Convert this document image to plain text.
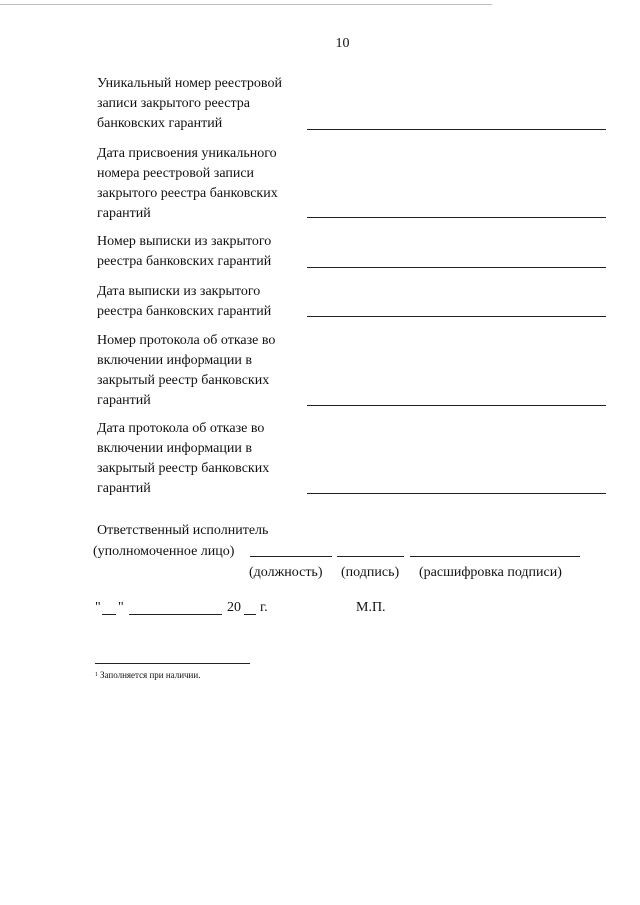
10
Уникальный номер реестровой
записи закрытого реестра
банковских гарантий
Дата присвоения уникального
номера реестровой записи
закрытого реестра банковских
гарантий
Номер выписки из закрытого
реестра банковских гарантий
Дата выписки из закрытого
реестра банковских гарантий
Номер протокола об отказе во
включении информации в
закрытый реестр банковских
гарантий
Дата протокола об отказе во
включении информации в
закрытый реестр банковских
гарантий
Ответственный исполнитель
(уполномоченное лицо)
(должность) (подпись) (расшифровка подписи)
" "	20 г.	М.П.
$^1$ Заполняется при наличии.
